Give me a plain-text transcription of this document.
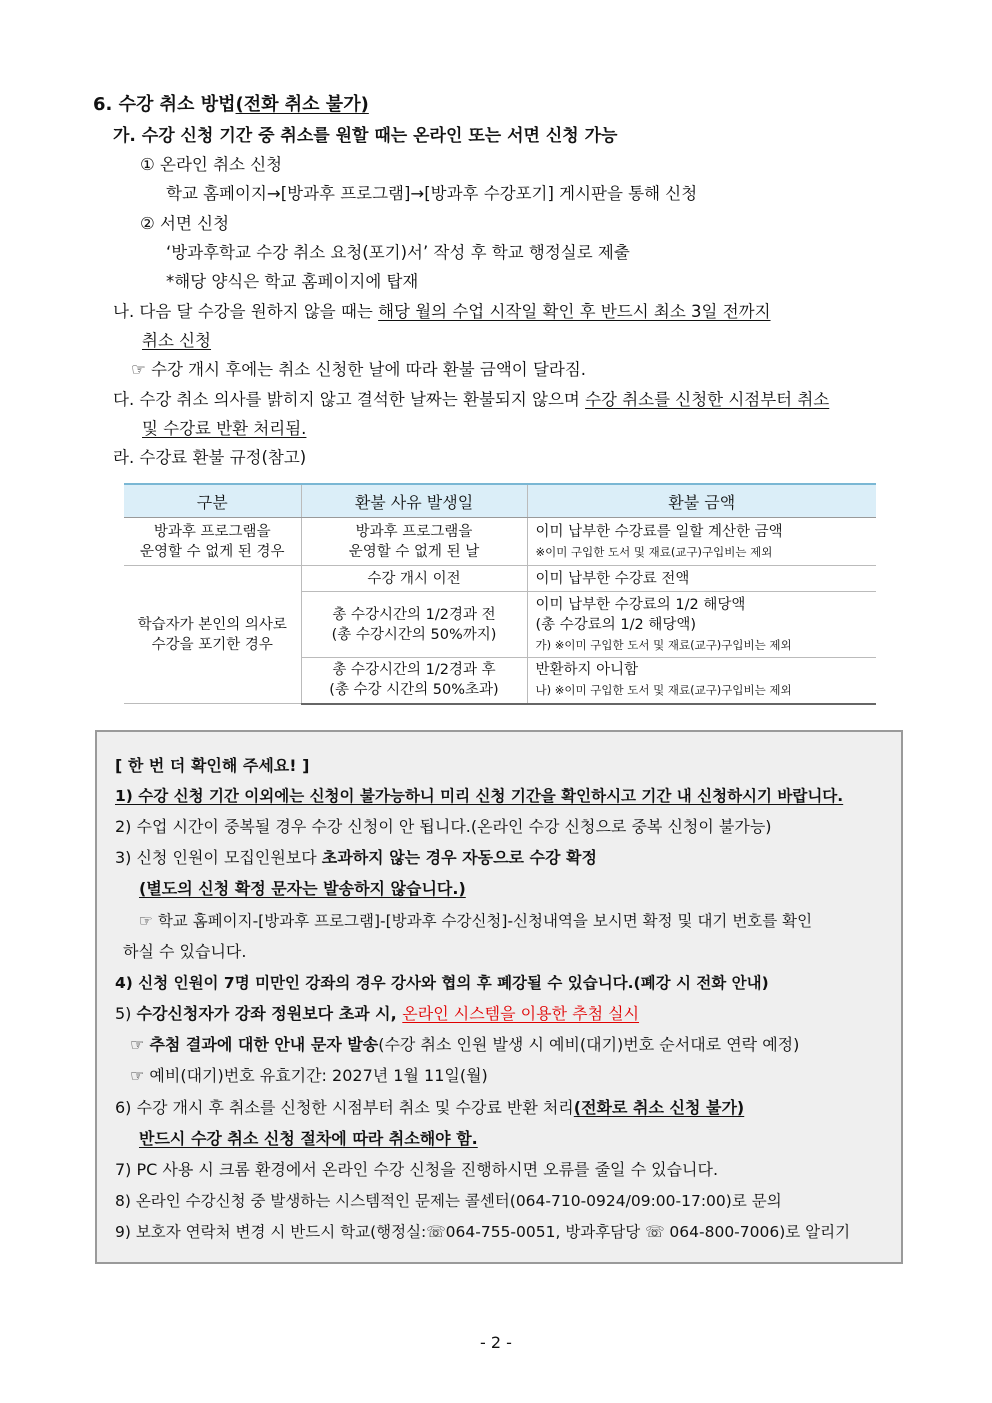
6. 수강 취소 방법(전화 취소 불가)
가. 수강 신청 기간 중 취소를 원할 때는 온라인 또는 서면 신청 가능
① 온라인 취소 신청
학교 홈페이지→[방과후 프로그램]→[방과후 수강포기] 게시판을 통해 신청
② 서면 신청
‘방과후학교 수강 취소 요청(포기)서’ 작성 후 학교 행정실로 제출
*해당 양식은 학교 홈페이지에 탑재
나. 다음 달 수강을 원하지 않을 때는 해당 월의 수업 시작일 확인 후 반드시 최소 3일 전까지
취소 신청
☞ 수강 개시 후에는 취소 신청한 날에 따라 환불 금액이 달라짐.
다. 수강 취소 의사를 밝히지 않고 결석한 날짜는 환불되지 않으며 수강 취소를 신청한 시점부터 취소
및 수강료 반환 처리됨.
라. 수강료 환불 규정(참고)
구분	환불 사유 발생일	환불 금액
방과후 프로그램을
운영할 수 없게 된 경우	방과후 프로그램을
운영할 수 없게 된 날	이미 납부한 수강료를 일할 계산한 금액
※이미 구입한 도서 및 재료(교구)구입비는 제외
학습자가 본인의 의사로
수강을 포기한 경우	수강 개시 이전	이미 납부한 수강료 전액
	총 수강시간의 1/2경과 전
(총 수강시간의 50%까지)	이미 납부한 수강료의 1/2 해당액
(총 수강료의 1/2 해당액)
가) ※이미 구입한 도서 및 재료(교구)구입비는 제외
	총 수강시간의 1/2경과 후
(총 수강 시간의 50%초과)	반환하지 아니함
나) ※이미 구입한 도서 및 재료(교구)구입비는 제외
[ 한 번 더 확인해 주세요! ]
1) 수강 신청 기간 이외에는 신청이 불가능하니 미리 신청 기간을 확인하시고 기간 내 신청하시기 바랍니다.
2) 수업 시간이 중복될 경우 수강 신청이 안 됩니다.(온라인 수강 신청으로 중복 신청이 불가능)
3) 신청 인원이 모집인원보다 초과하지 않는 경우 자동으로 수강 확정
(별도의 신청 확정 문자는 발송하지 않습니다.)
☞ 학교 홈페이지-[방과후 프로그램]-[방과후 수강신청]-신청내역을 보시면 확정 및 대기 번호를 확인
하실 수 있습니다.
4) 신청 인원이 7명 미만인 강좌의 경우 강사와 협의 후 폐강될 수 있습니다.(폐강 시 전화 안내)
5) 수강신청자가 강좌 정원보다 초과 시, 온라인 시스템을 이용한 추첨 실시
☞ 추첨 결과에 대한 안내 문자 발송(수강 취소 인원 발생 시 예비(대기)번호 순서대로 연락 예정)
☞ 예비(대기)번호 유효기간: 2027년 1월 11일(월)
6) 수강 개시 후 취소를 신청한 시점부터 취소 및 수강료 반환 처리(전화로 취소 신청 불가)
반드시 수강 취소 신청 절차에 따라 취소해야 함.
7) PC 사용 시 크롬 환경에서 온라인 수강 신청을 진행하시면 오류를 줄일 수 있습니다.
8) 온라인 수강신청 중 발생하는 시스템적인 문제는 콜센터(064-710-0924/09:00-17:00)로 문의
9) 보호자 연락처 변경 시 반드시 학교(행정실:☏064-755-0051, 방과후담당 ☏ 064-800-7006)로 알리기
- 2 -
